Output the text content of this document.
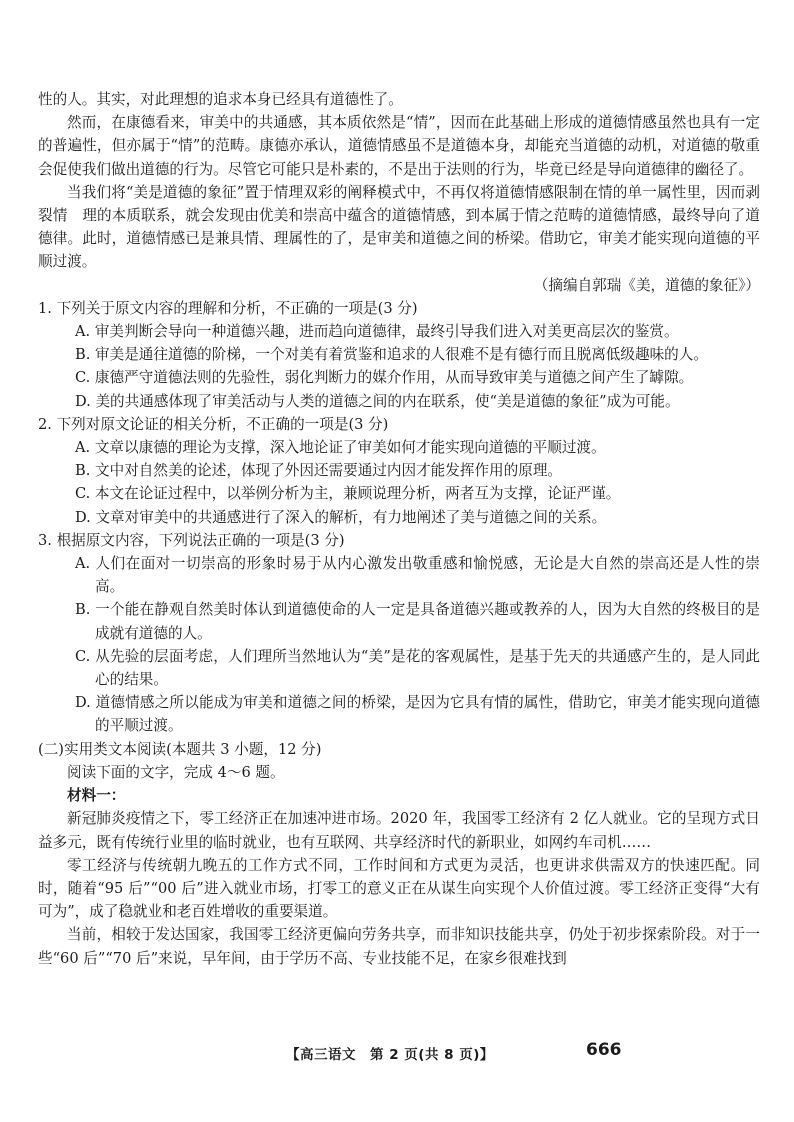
性的人。其实，对此理想的追求本身已经具有道德性了。

然而，在康德看来，审美中的共通感，其本质依然是“情”，因而在此基础上形成的道德情感虽然也具有一定的普遍性，但亦属于“情”的范畴。康德亦承认，道德情感虽不是道德本身，却能充当道德的动机，对道德的敬重会促使我们做出道德的行为。尽管它可能只是朴素的，不是出于法则的行为，毕竟已经是导向道德律的幽径了。

当我们将“美是道德的象征”置于情理双彩的阐释模式中，不再仅将道德情感限制在情的单一属性里，因而剥裂情　理的本质联系，就会发现由优美和崇高中蕴含的道德情感，到本属于情之范畴的道德情感，最终导向了道德律。此时，道德情感已是兼具情、理属性的了，是审美和道德之间的桥梁。借助它，审美才能实现向道德的平顺过渡。

（摘编自郭瑞《美，道德的象征》）

1. 下列关于原文内容的理解和分析，不正确的一项是(3 分)

A. 审美判断会导向一种道德兴趣，进而趋向道德律，最终引导我们进入对美更高层次的鉴赏。

B. 审美是通往道德的阶梯，一个对美有着赏鉴和追求的人很难不是有德行而且脱离低级趣味的人。

C. 康德严守道德法则的先验性，弱化判断力的媒介作用，从而导致审美与道德之间产生了罅隙。

D. 美的共通感体现了审美活动与人类的道德之间的内在联系，使“美是道德的象征”成为可能。

2. 下列对原文论证的相关分析，不正确的一项是(3 分)

A. 文章以康德的理论为支撑，深入地论证了审美如何才能实现向道德的平顺过渡。

B. 文中对自然美的论述，体现了外因还需要通过内因才能发挥作用的原理。

C. 本文在论证过程中，以举例分析为主，兼顾说理分析，两者互为支撑，论证严谨。

D. 文章对审美中的共通感进行了深入的解析，有力地阐述了美与道德之间的关系。

3. 根据原文内容，下列说法正确的一项是(3 分)

A. 人们在面对一切崇高的形象时易于从内心激发出敬重感和愉悦感，无论是大自然的崇高还是人性的崇高。

B. 一个能在静观自然美时体认到道德使命的人一定是具备道德兴趣或教养的人，因为大自然的终极目的是成就有道德的人。

C. 从先验的层面考虑，人们理所当然地认为“美”是花的客观属性，是基于先天的共通感产生的，是人同此心的结果。

D. 道德情感之所以能成为审美和道德之间的桥梁，是因为它具有情的属性，借助它，审美才能实现向道德的平顺过渡。

(二)实用类文本阅读(本题共 3 小题，12 分)

阅读下面的文字，完成 4～6 题。

材料一：

新冠肺炎疫情之下，零工经济正在加速冲进市场。2020 年，我国零工经济有 2 亿人就业。它的呈现方式日益多元，既有传统行业里的临时就业，也有互联网、共享经济时代的新职业，如网约车司机……

零工经济与传统朝九晚五的工作方式不同，工作时间和方式更为灵活，也更讲求供需双方的快速匹配。同时，随着“95 后”“00 后”进入就业市场，打零工的意义正在从谋生向实现个人价值过渡。零工经济正变得“大有可为”，成了稳就业和老百姓增收的重要渠道。

当前，相较于发达国家，我国零工经济更偏向劳务共享，而非知识技能共享，仍处于初步探索阶段。对于一些“60 后”“70 后”来说，早年间，由于学历不高、专业技能不足，在家乡很难找到

【高三语文　第 2 页(共 8 页)】	666
